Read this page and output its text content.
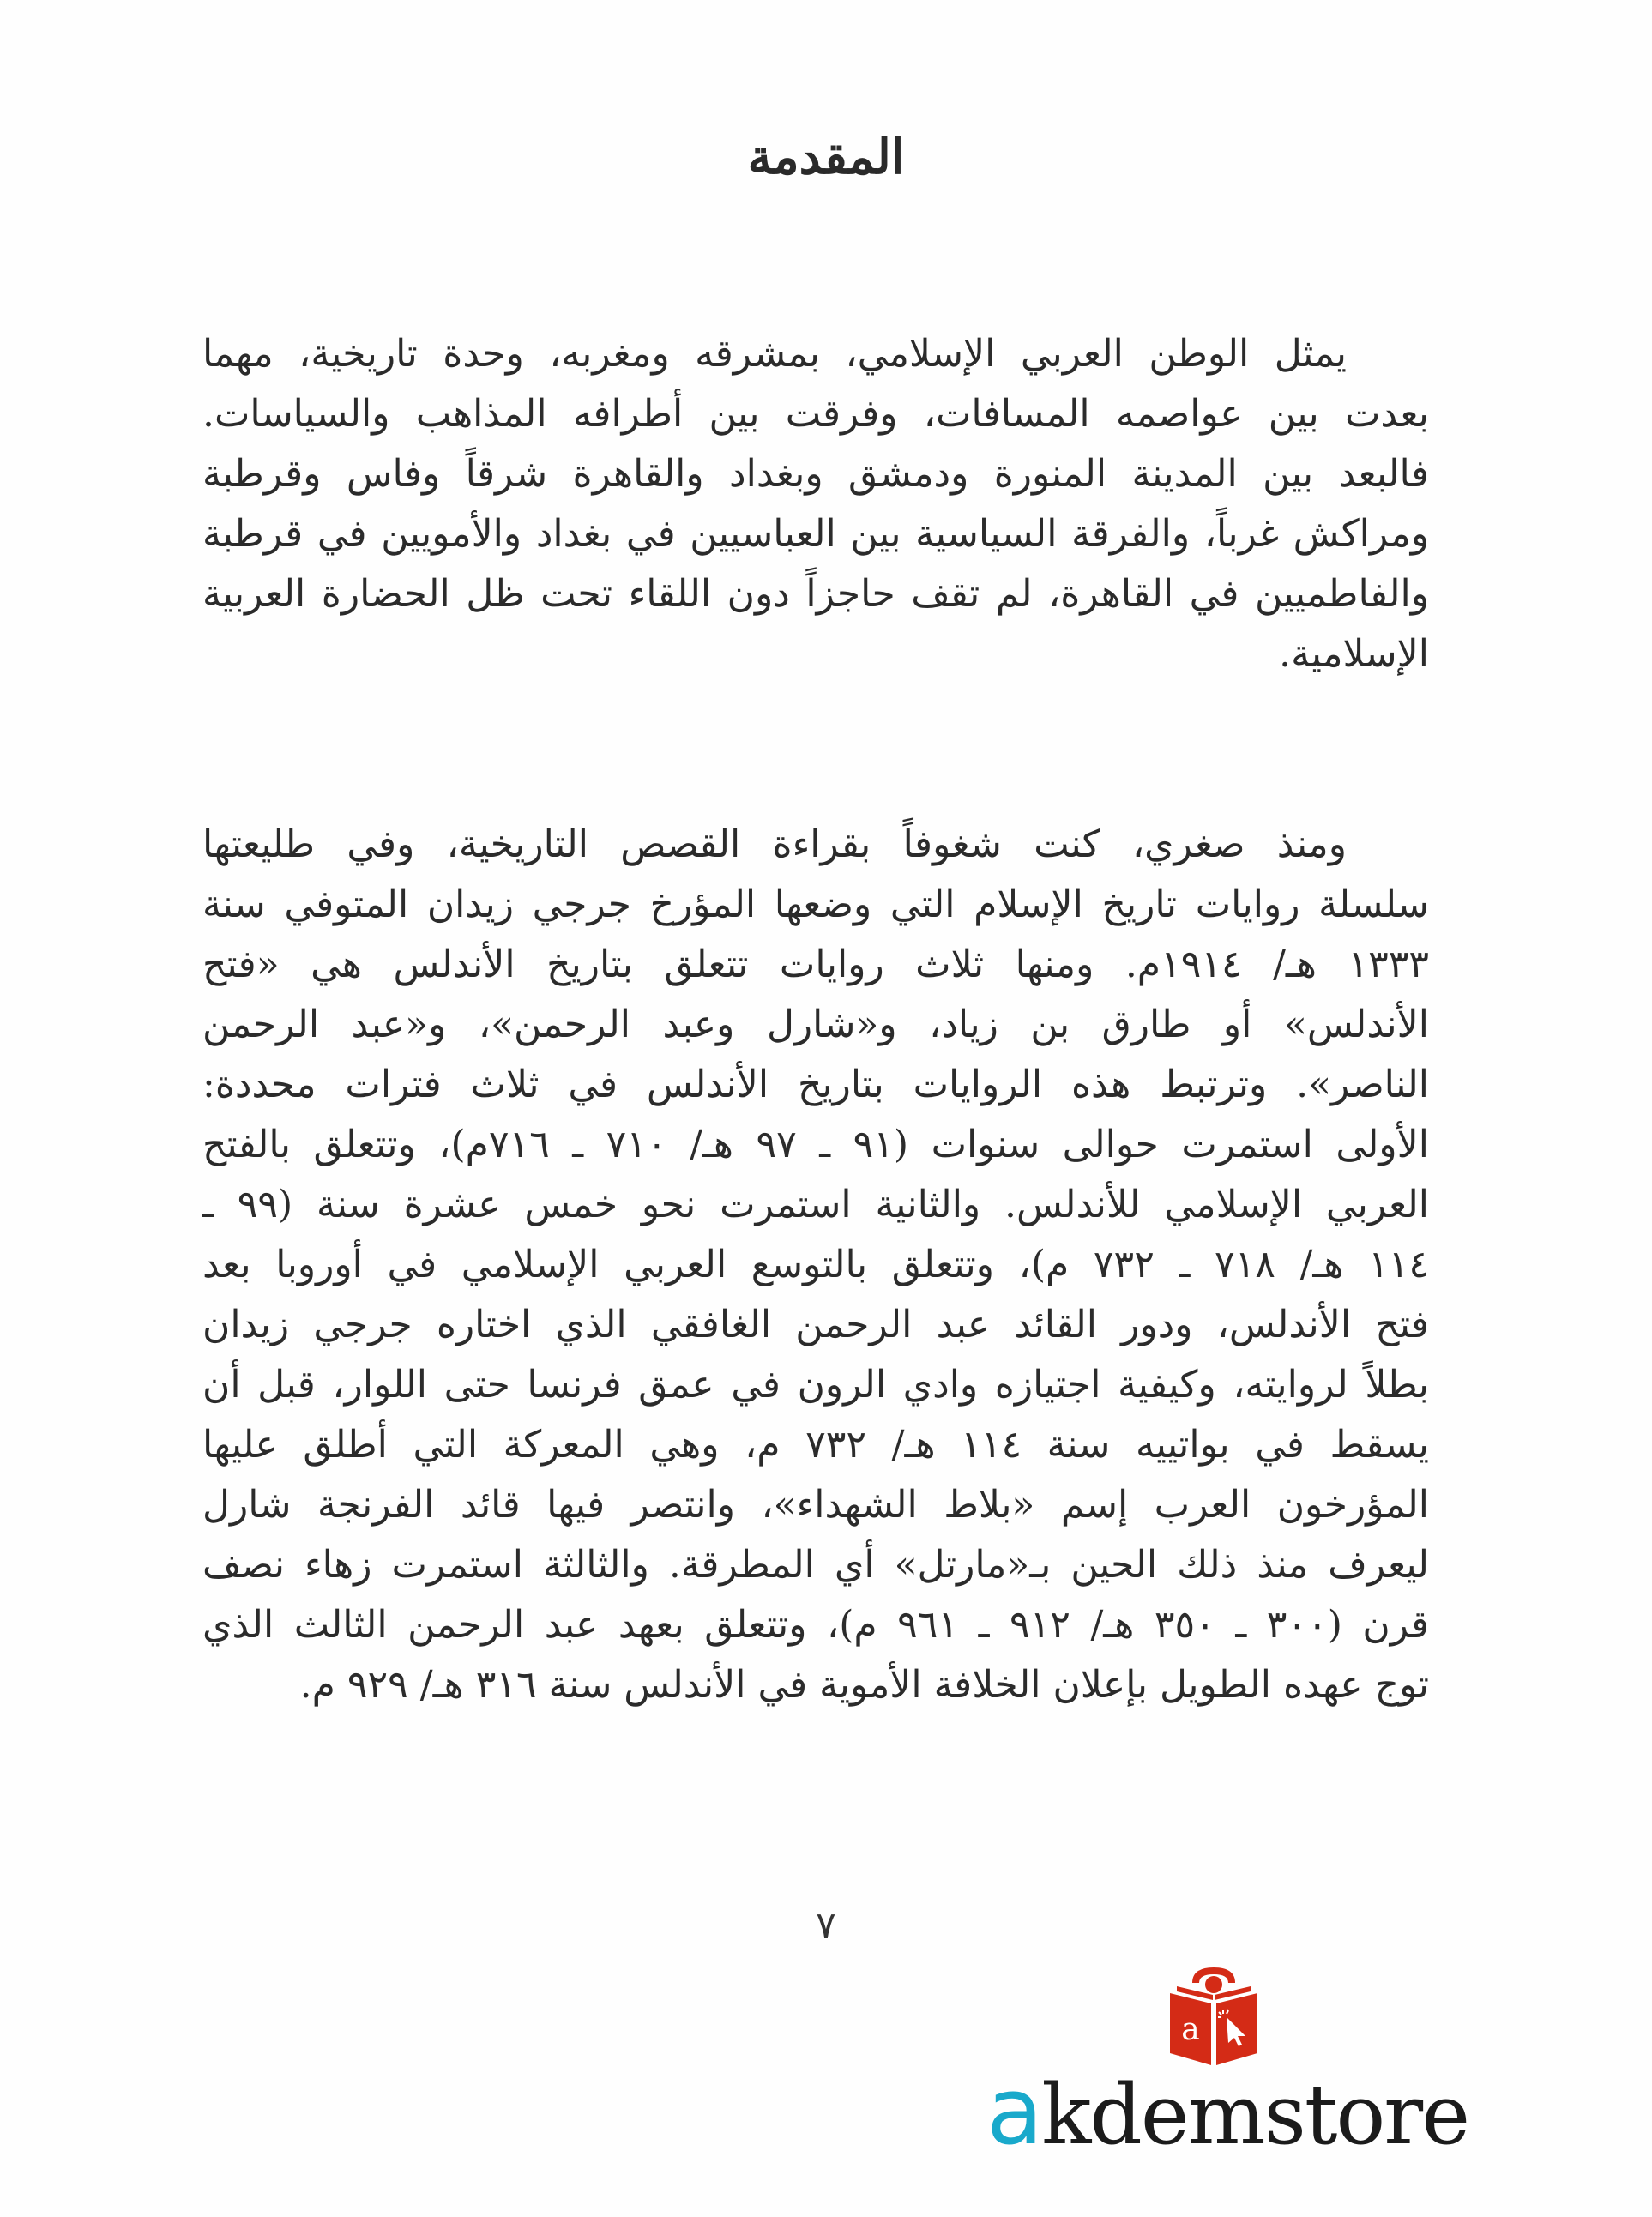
المقدمة
يمثل الوطن العربي الإسلامي، بمشرقه ومغربه، وحدة تاريخية، مهما
بعدت بين عواصمه المسافات، وفرقت بين أطرافه المذاهب والسياسات.
فالبعد بين المدينة المنورة ودمشق وبغداد والقاهرة شرقاً وفاس وقرطبة
ومراكش غرباً، والفرقة السياسية بين العباسيين في بغداد والأمويين في قرطبة
والفاطميين في القاهرة، لم تقف حاجزاً دون اللقاء تحت ظل الحضارة العربية
الإسلامية.
ومنذ صغري، كنت شغوفاً بقراءة القصص التاريخية، وفي طليعتها
سلسلة روايات تاريخ الإسلام التي وضعها المؤرخ جرجي زيدان المتوفي سنة
١٣٣٣ هـ/ ١٩١٤م. ومنها ثلاث روايات تتعلق بتاريخ الأندلس هي «فتح
الأندلس» أو طارق بن زياد، و«شارل وعبد الرحمن»، و«عبد الرحمن
الناصر». وترتبط هذه الروايات بتاريخ الأندلس في ثلاث فترات محددة:
الأولى استمرت حوالى سنوات (٩١ ـ ٩٧ هـ/ ٧١٠ ـ ٧١٦م)، وتتعلق بالفتح
العربي الإسلامي للأندلس. والثانية استمرت نحو خمس عشرة سنة (٩٩ ـ
١١٤ هـ/ ٧١٨ ـ ٧٣٢ م)، وتتعلق بالتوسع العربي الإسلامي في أوروبا بعد
فتح الأندلس، ودور القائد عبد الرحمن الغافقي الذي اختاره جرجي زيدان
بطلاً لروايته، وكيفية اجتيازه وادي الرون في عمق فرنسا حتى اللوار، قبل أن
يسقط في بواتييه سنة ١١٤ هـ/ ٧٣٢ م، وهي المعركة التي أطلق عليها
المؤرخون العرب إسم «بلاط الشهداء»، وانتصر فيها قائد الفرنجة شارل
ليعرف منذ ذلك الحين بـ«مارتل» أي المطرقة. والثالثة استمرت زهاء نصف
قرن (٣٠٠ ـ ٣٥٠ هـ/ ٩١٢ ـ ٩٦١ م)، وتتعلق بعهد عبد الرحمن الثالث الذي
توج عهده الطويل بإعلان الخلافة الأموية في الأندلس سنة ٣١٦ هـ/ ٩٢٩ م.
٧
a
akdemstore
